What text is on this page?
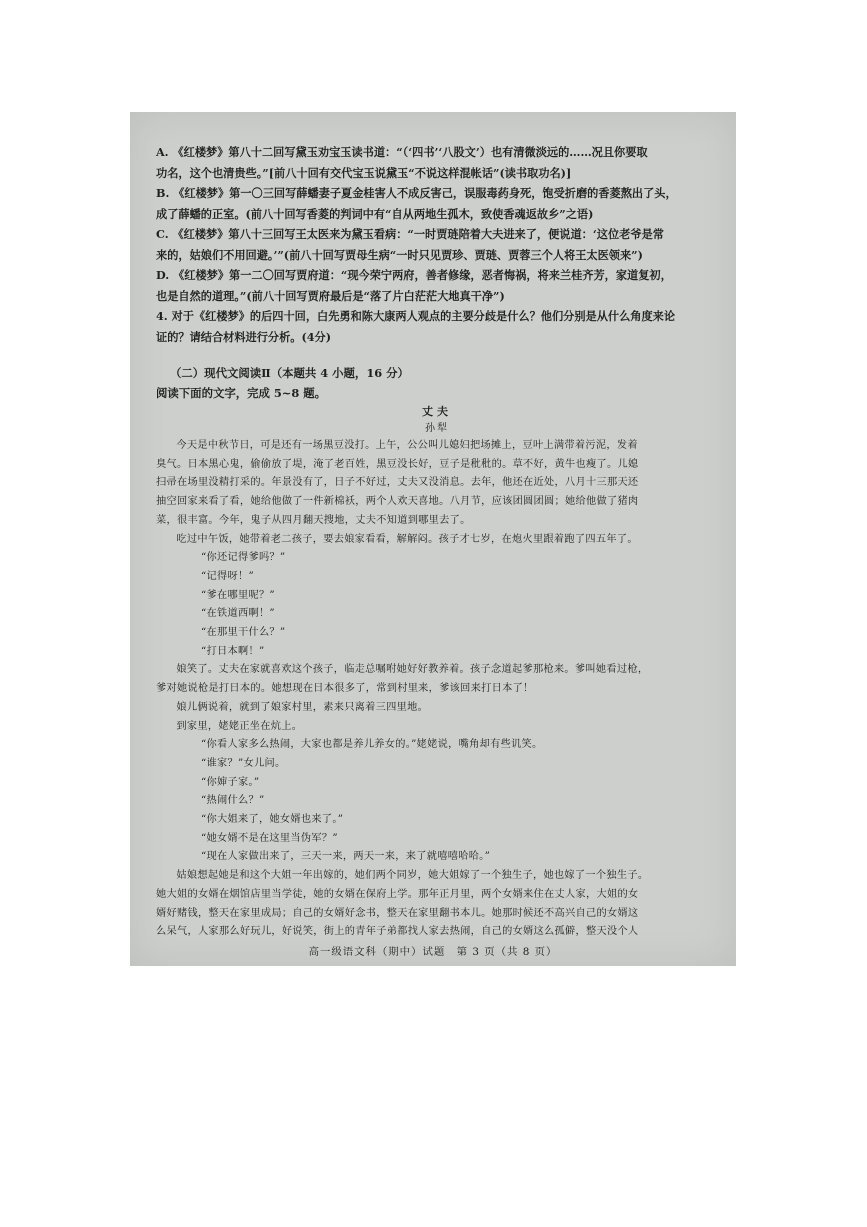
A. 《红楼梦》第八十二回写黛玉劝宝玉读书道：“（‘四书’‘八股文’）也有清微淡远的……况且你要取

功名，这个也清贵些。”[前八十回有交代宝玉说黛玉“不说这样混帐话”(读书取功名)]

B. 《红楼梦》第一〇三回写薛蟠妻子夏金桂害人不成反害己，误服毒药身死，饱受折磨的香菱熬出了头，

成了薛蟠的正室。(前八十回写香菱的判词中有“自从两地生孤木，致使香魂返故乡”之语)

C. 《红楼梦》第八十三回写王太医来为黛玉看病：“一时贾琏陪着大夫进来了，便说道：‘这位老爷是常

来的，姑娘们不用回避。’”(前八十回写贾母生病“一时只见贾珍、贾琏、贾蓉三个人将王太医领来”)

D. 《红楼梦》第一二〇回写贾府道：“现今荣宁两府，善者修缘，恶者悔祸，将来兰桂齐芳，家道复初，

也是自然的道理。”(前八十回写贾府最后是“落了片白茫茫大地真干净”)

4. 对于《红楼梦》的后四十回，白先勇和陈大康两人观点的主要分歧是什么？他们分别是从什么角度来论

证的？请结合材料进行分析。(4分)

（二）现代文阅读Ⅱ（本题共 4 小题，16 分）

阅读下面的文字，完成 5~8 题。

丈夫

孙犁

今天是中秋节日，可是还有一场黑豆没打。上午，公公叫儿媳妇把场摊上，豆叶上满带着污泥，发着

臭气。日本黑心鬼，偷偷放了堤，淹了老百姓，黑豆没长好，豆子是秕秕的。草不好，黄牛也瘦了。儿媳

扫帚在场里没精打采的。年景没有了，日子不好过，丈夫又没消息。去年，他还在近处，八月十三那天还

抽空回家来看了看，她给他做了一件新棉袄，两个人欢天喜地。八月节，应该团圆团圆；她给他做了猪肉

菜，很丰富。今年，鬼子从四月翻天搜地，丈夫不知道到哪里去了。

吃过中午饭，她带着老二孩子，要去娘家看看，解解闷。孩子才七岁，在炮火里跟着跑了四五年了。

“你还记得爹吗？”

“记得呀！”

“爹在哪里呢？”

“在铁道西啊！”

“在那里干什么？”

“打日本啊！”

娘笑了。丈夫在家就喜欢这个孩子，临走总嘱咐她好好教养着。孩子念道起爹那枪来。爹叫她看过枪，

爹对她说枪是打日本的。她想现在日本很多了，常到村里来，爹该回来打日本了！

娘儿俩说着，就到了娘家村里，素来只离着三四里地。

到家里，姥姥正坐在炕上。

“你看人家多么热闹，大家也都是养儿养女的。”姥姥说，嘴角却有些讥笑。

“谁家？”女儿问。

“你婶子家。”

“热闹什么？”

“你大姐来了，她女婿也来了。”

“她女婿不是在这里当伪军？”

“现在人家做出来了，三天一来，两天一来，来了就嘻嘻哈哈。”

姑娘想起她是和这个大姐一年出嫁的，她们两个同岁，她大姐嫁了一个独生子，她也嫁了一个独生子。

她大姐的女婿在烟馆店里当学徒，她的女婿在保府上学。那年正月里，两个女婿来住在丈人家，大姐的女

婿好赌钱，整天在家里成局；自己的女婿好念书，整天在家里翻书本儿。她那时候还不高兴自己的女婿这

么呆气，人家那么好玩儿，好说笑，街上的青年子弟都找人家去热闹，自己的女婿这么孤僻，整天没个人

高一级语文科（期中）试题　第 3 页（共 8 页）
